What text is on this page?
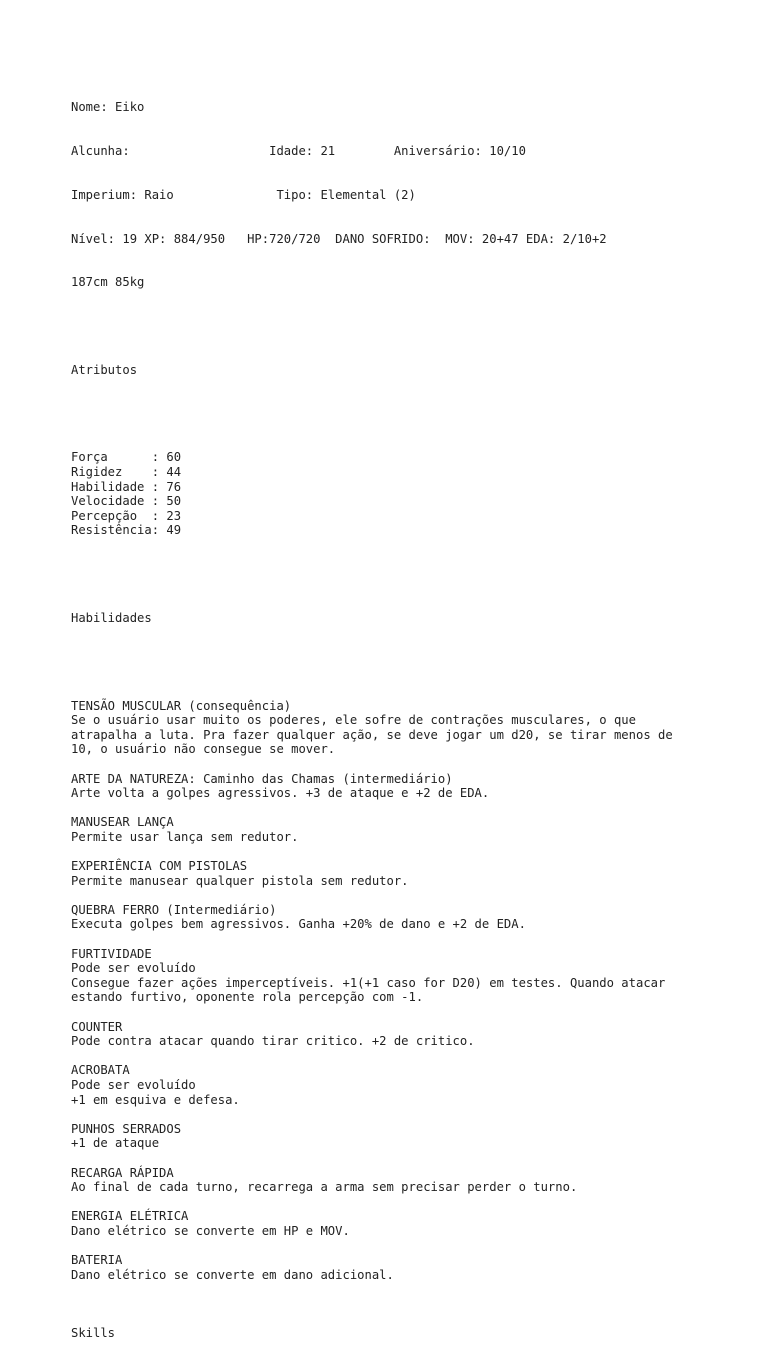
Nome: Eiko

Alcunha:                   Idade: 21        Aniversário: 10/10

Imperium: Raio              Tipo: Elemental (2)

Nível: 19 XP: 884/950   HP:720/720  DANO SOFRIDO:  MOV: 20+47 EDA: 2/10+2

187cm 85kg

Atributos

Força      : 60
Rigidez    : 44
Habilidade : 76
Velocidade : 50
Percepção  : 23
Resistência: 49

Habilidades

TENSÃO MUSCULAR (consequência)
Se o usuário usar muito os poderes, ele sofre de contrações musculares, o que
atrapalha a luta. Pra fazer qualquer ação, se deve jogar um d20, se tirar menos de
10, o usuário não consegue se mover.
ARTE DA NATUREZA: Caminho das Chamas (intermediário)
Arte volta a golpes agressivos. +3 de ataque e +2 de EDA.
MANUSEAR LANÇA
Permite usar lança sem redutor.
EXPERIÊNCIA COM PISTOLAS
Permite manusear qualquer pistola sem redutor.
QUEBRA FERRO (Intermediário)
Executa golpes bem agressivos. Ganha +20% de dano e +2 de EDA.
FURTIVIDADE
Pode ser evoluído
Consegue fazer ações imperceptíveis. +1(+1 caso for D20) em testes. Quando atacar
estando furtivo, oponente rola percepção com -1.
COUNTER
Pode contra atacar quando tirar critico. +2 de critico.
ACROBATA
Pode ser evoluído
+1 em esquiva e defesa.
PUNHOS SERRADOS
+1 de ataque
RECARGA RÁPIDA
Ao final de cada turno, recarrega a arma sem precisar perder o turno.
ENERGIA ELÉTRICA
Dano elétrico se converte em HP e MOV.
BATERIA
Dano elétrico se converte em dano adicional.

Skills
